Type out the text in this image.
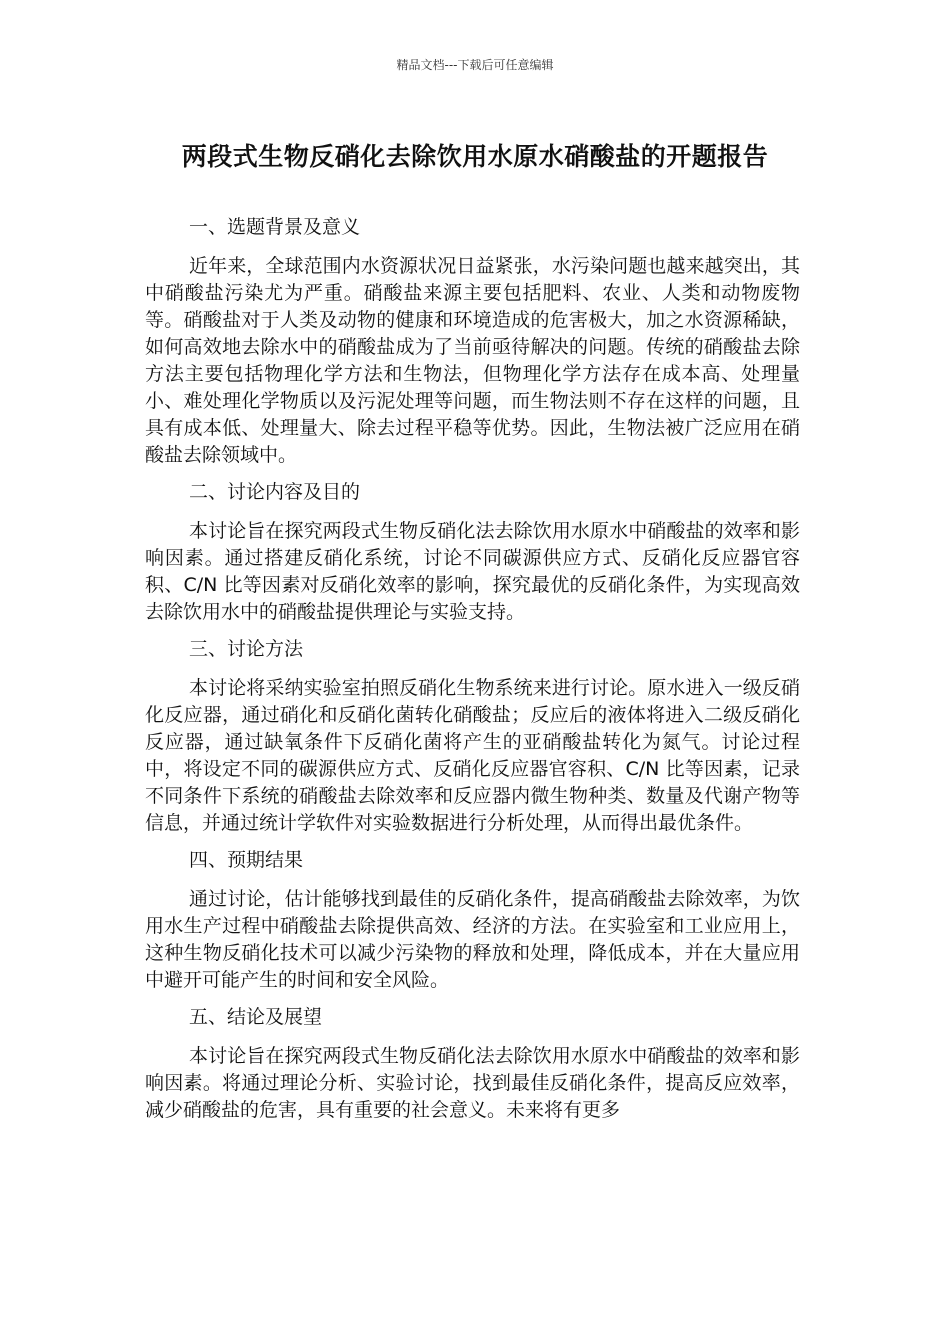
精品文档---下载后可任意编辑
两段式生物反硝化去除饮用水原水硝酸盐的开题报告
一、选题背景及意义

近年来，全球范围内水资源状况日益紧张，水污染问题也越来越突出，其中硝酸盐污染尤为严重。硝酸盐来源主要包括肥料、农业、人类和动物废物等。硝酸盐对于人类及动物的健康和环境造成的危害极大，加之水资源稀缺，如何高效地去除水中的硝酸盐成为了当前亟待解决的问题。传统的硝酸盐去除方法主要包括物理化学方法和生物法，但物理化学方法存在成本高、处理量小、难处理化学物质以及污泥处理等问题，而生物法则不存在这样的问题，且具有成本低、处理量大、除去过程平稳等优势。因此，生物法被广泛应用在硝酸盐去除领域中。

二、讨论内容及目的

本讨论旨在探究两段式生物反硝化法去除饮用水原水中硝酸盐的效率和影响因素。通过搭建反硝化系统，讨论不同碳源供应方式、反硝化反应器官容积、C/N 比等因素对反硝化效率的影响，探究最优的反硝化条件，为实现高效去除饮用水中的硝酸盐提供理论与实验支持。

三、讨论方法

本讨论将采纳实验室拍照反硝化生物系统来进行讨论。原水进入一级反硝化反应器，通过硝化和反硝化菌转化硝酸盐；反应后的液体将进入二级反硝化反应器，通过缺氧条件下反硝化菌将产生的亚硝酸盐转化为氮气。讨论过程中，将设定不同的碳源供应方式、反硝化反应器官容积、C/N 比等因素，记录不同条件下系统的硝酸盐去除效率和反应器内微生物种类、数量及代谢产物等信息，并通过统计学软件对实验数据进行分析处理，从而得出最优条件。

四、预期结果

通过讨论，估计能够找到最佳的反硝化条件，提高硝酸盐去除效率，为饮用水生产过程中硝酸盐去除提供高效、经济的方法。在实验室和工业应用上，这种生物反硝化技术可以减少污染物的释放和处理，降低成本，并在大量应用中避开可能产生的时间和安全风险。

五、结论及展望

本讨论旨在探究两段式生物反硝化法去除饮用水原水中硝酸盐的效率和影响因素。将通过理论分析、实验讨论，找到最佳反硝化条件，提高反应效率，减少硝酸盐的危害，具有重要的社会意义。未来将有更多
